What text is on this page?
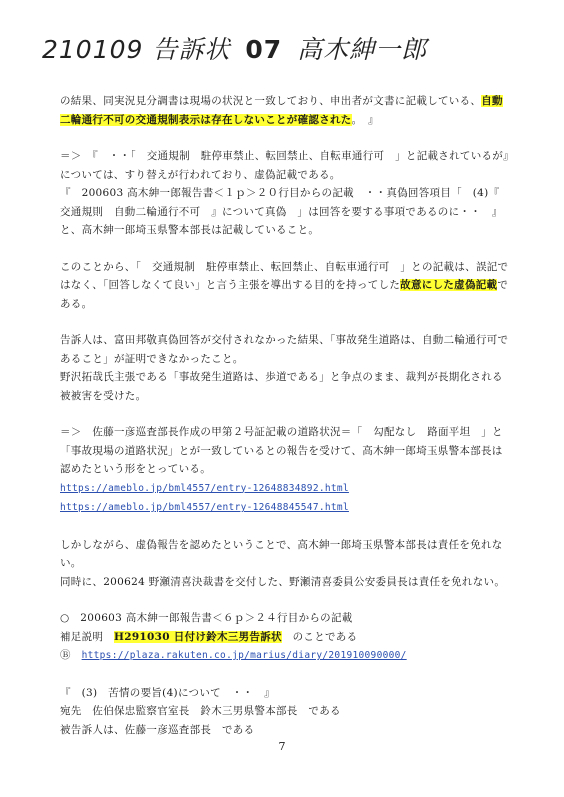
210109 告訴状 07 高木紳一郎

の結果、同実況見分調書は現場の状況と一致しており、申出者が文書に記載している、自動二輪通行不可の交通規制表示は存在しないことが確認された。　』

＝＞　『　・・「　交通規制　駐停車禁止、転回禁止、自転車通行可　」と記載されているが』については、すり替えが行われており、虚偽記載である。

『　200603 高木紳一郎報告書＜１ｐ＞２０行目からの記載　・・真偽回答項目「　(4)『　交通規則　自動二輪通行不可　』について真偽　」は回答を要する事項であるのに・・　』と、高木紳一郎埼玉県警本部長は記載していること。

このことから、「　交通規制　駐停車禁止、転回禁止、自転車通行可　」との記載は、誤記ではなく、「回答しなくて良い」と言う主張を導出する目的を持ってした故意にした虚偽記載である。

告訴人は、富田邦敬真偽回答が交付されなかった結果、「事故発生道路は、自動二輪通行可であること」が証明できなかったこと。

野沢拓哉氏主張である「事故発生道路は、歩道である」と争点のまま、裁判が長期化される被被害を受けた。

＝＞　佐藤一彦巡査部長作成の甲第２号証記載の道路状況＝「　勾配なし　路面平坦　」と「事故現場の道路状況」とが一致しているとの報告を受けて、高木紳一郎埼玉県警本部長は認めたという形をとっている。

https://ameblo.jp/bml4557/entry-12648834892.html

https://ameblo.jp/bml4557/entry-12648845547.html

しかしながら、虚偽報告を認めたということで、高木紳一郎埼玉県警本部長は責任を免れない。

同時に、200624 野瀬清喜決裁書を交付した、野瀬清喜委員公安委員長は責任を免れない。

○　200603 高木紳一郎報告書＜６ｐ＞２４行目からの記載

補足説明　H291030 日付け鈴木三男告訴状　のことである

Ⓑ　https://plaza.rakuten.co.jp/marius/diary/201910090000/

『　(3)　苦情の要旨(4)について　・・　』

宛先　佐伯保忠監察官室長　鈴木三男県警本部長　である

被告訴人は、佐藤一彦巡査部長　である

7
